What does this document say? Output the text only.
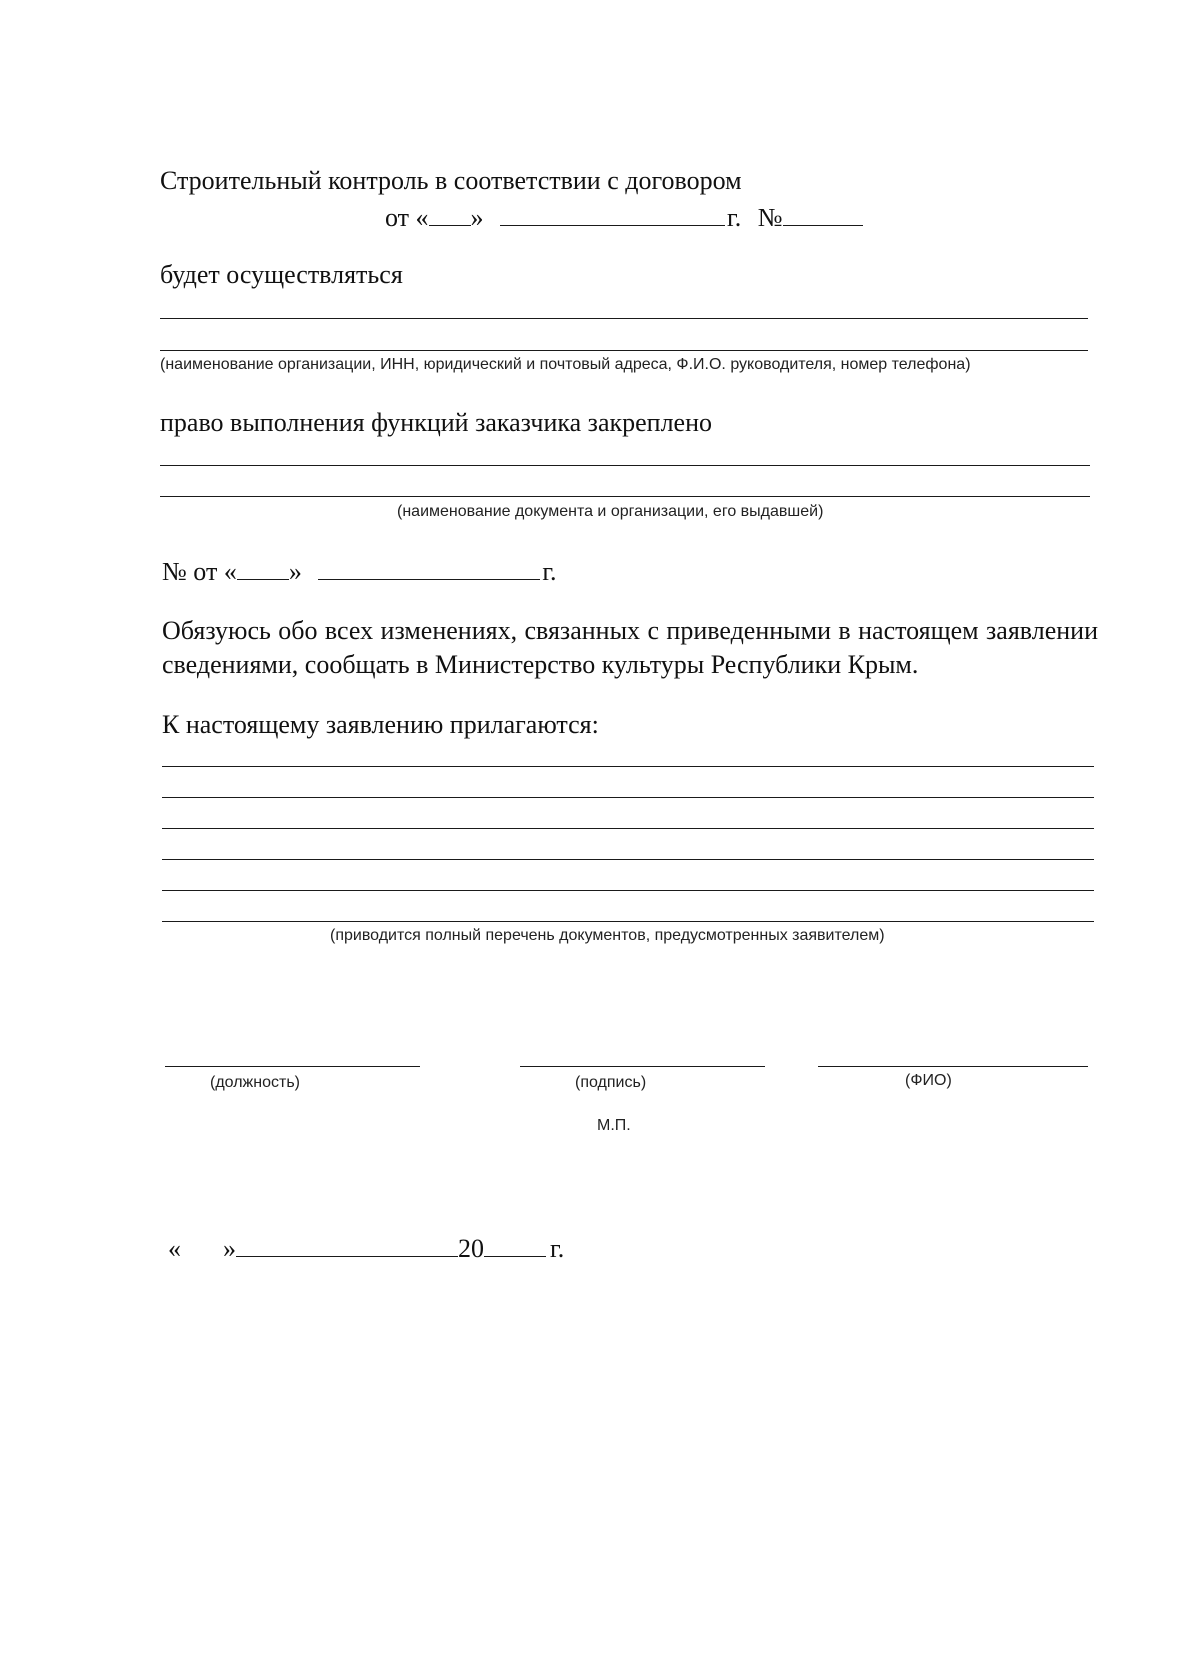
Строительный контроль в соответствии с договором
от « »	г. №
будет осуществляться
(наименование организации, ИНН, юридический и почтовый адреса, Ф.И.О. руководителя, номер телефона)
право выполнения функций заказчика закреплено
(наименование документа и организации, его выдавшей)
№ от « »	г.
Обязуюсь обо всех изменениях, связанных с приведенными в настоящем заявлении сведениями, сообщать в Министерство культуры Республики Крым.
К настоящему заявлению прилагаются:
(приводится полный перечень документов, предусмотренных заявителем)
(должность)	(подпись)	(ФИО)
М.П.
« »	20	г.
